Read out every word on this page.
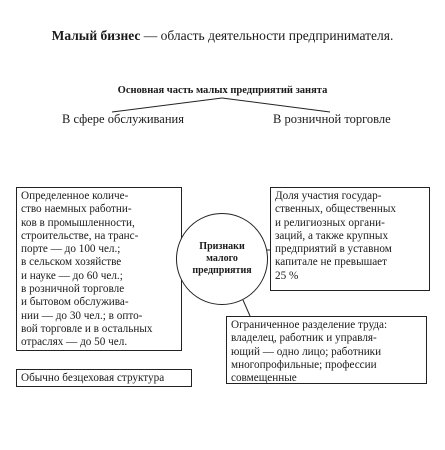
Малый бизнес — область деятельности предпринимателя.
Основная часть малых предприятий занята
В сфере обслуживания	В розничной торговле
Определенное количе-
ство наемных работни-
ков в промышленности,
строительстве, на транс-
порте — до 100 чел.;
в сельском хозяйстве
и науке — до 60 чел.;
в розничной торговле
и бытовом обслужива-
нии — до 30 чел.; в опто-
вой торговле и в остальных
отраслях — до 50 чел.
Доля участия государ-
ственных, общественных
и религиозных органи-
заций, а также крупных
предприятий в уставном
капитале не превышает
25 %
Ограниченное разделение труда:
владелец, работник и управля-
ющий — одно лицо; работники
многопрофильные; профессии
совмещенные
Обычно безцеховая структура
Признаки
малого
предприятия
